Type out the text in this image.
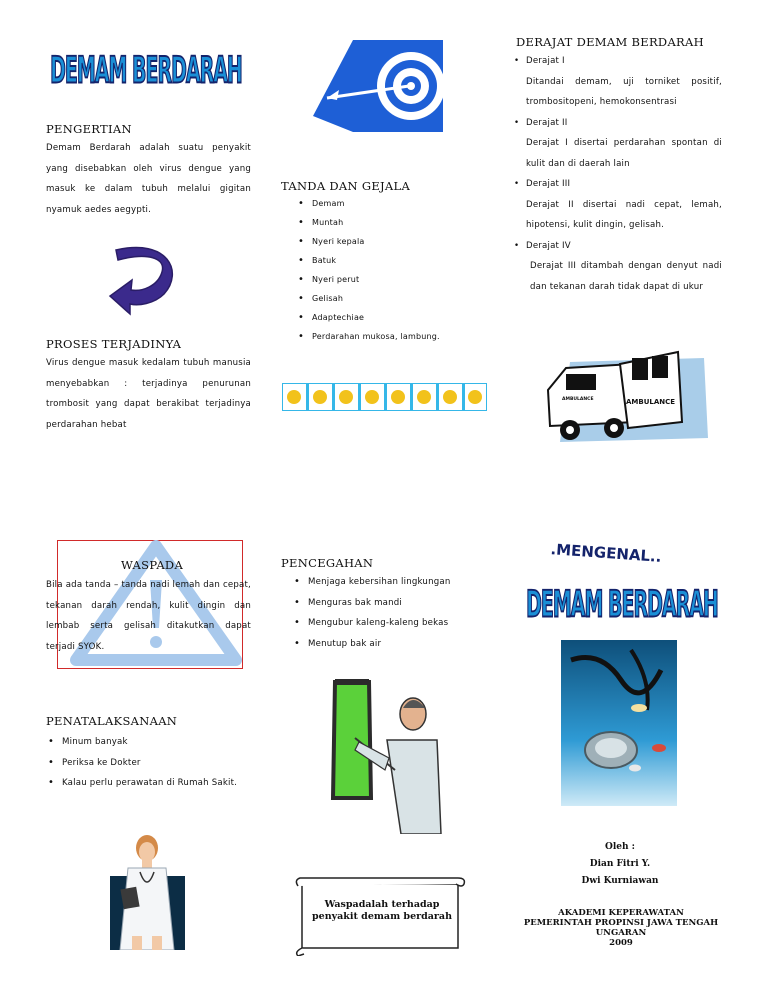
DEMAM BERDARAH
PENGERTIAN
Demam Berdarah adalah suatu penyakit yang disebabkan oleh virus dengue yang masuk ke dalam tubuh melalui gigitan nyamuk aedes aegypti.
PROSES TERJADINYA
Virus dengue masuk kedalam tubuh manusia menyebabkan : terjadinya penurunan trombosit yang dapat berakibat terjadinya perdarahan hebat
WASPADA
Bila ada tanda – tanda nadi lemah dan cepat, tekanan darah rendah, kulit dingin dan lembab serta gelisah ditakutkan dapat terjadi SYOK.
PENATALAKSANAAN
• Minum banyak
• Periksa ke Dokter
• Kalau perlu perawatan di Rumah Sakit.
TANDA DAN GEJALA
• Demam
• Muntah
• Nyeri kepala
• Batuk
• Nyeri perut
• Gelisah
• Adaptechiae
• Perdarahan mukosa, lambung.
PENCEGAHAN
• Menjaga kebersihan lingkungan
• Menguras bak mandi
• Mengubur kaleng-kaleng bekas
• Menutup bak air
Waspadalah terhadap penyakit demam berdarah
DERAJAT DEMAM BERDARAH
• Derajat I
Ditandai demam, uji torniket positif, trombositopeni, hemokonsentrasi
• Derajat II
Derajat I disertai perdarahan spontan di kulit dan di daerah lain
• Derajat III
Derajat II disertai nadi cepat, lemah, hipotensi, kulit dingin, gelisah.
• Derajat IV
Derajat III ditambah dengan denyut nadi dan tekanan darah tidak dapat di ukur
AMBULANCE
AMBULANCE
.MENGENAL..
DEMAM BERDARAH
Oleh :
Dian Fitri Y.
Dwi Kurniawan
AKADEMI KEPERAWATAN
PEMERINTAH PROPINSI JAWA TENGAH
UNGARAN
2009
